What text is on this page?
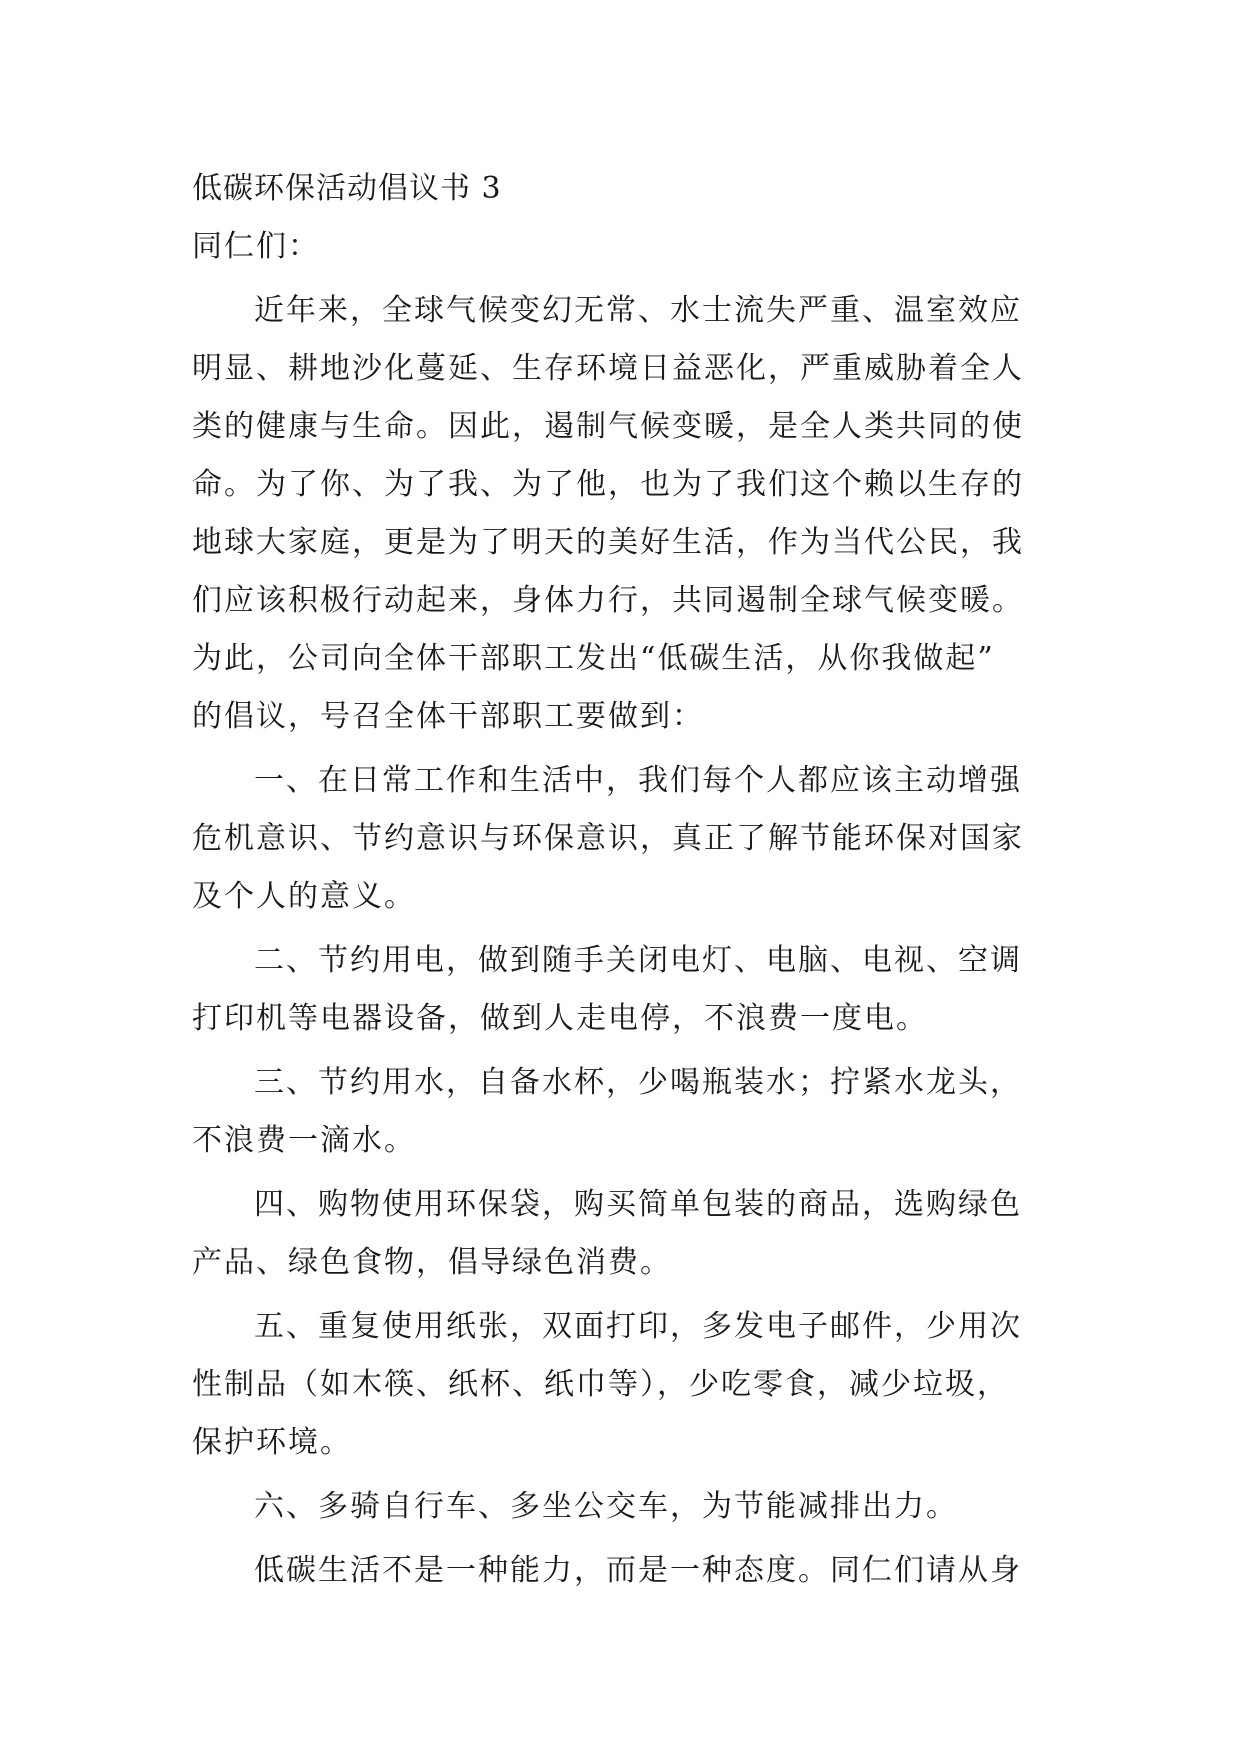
低碳环保活动倡议书 3
同仁们：
近年来，全球气候变幻无常、水士流失严重、温室效应
明显、耕地沙化蔓延、生存环境日益恶化，严重威胁着全人
类的健康与生命。因此，遏制气候变暖，是全人类共同的使
命。为了你、为了我、为了他，也为了我们这个赖以生存的
地球大家庭，更是为了明天的美好生活，作为当代公民，我
们应该积极行动起来，身体力行，共同遏制全球气候变暖。
为此，公司向全体干部职工发出“低碳生活，从你我做起”
的倡议，号召全体干部职工要做到：
一、在日常工作和生活中，我们每个人都应该主动增强
危机意识、节约意识与环保意识，真正了解节能环保对国家
及个人的意义。
二、节约用电，做到随手关闭电灯、电脑、电视、空调
打印机等电器设备，做到人走电停，不浪费一度电。
三、节约用水，自备水杯，少喝瓶装水；拧紧水龙头，
不浪费一滴水。
四、购物使用环保袋，购买简单包装的商品，选购绿色
产品、绿色食物，倡导绿色消费。
五、重复使用纸张，双面打印，多发电子邮件，少用次
性制品（如木筷、纸杯、纸巾等），少吃零食，减少垃圾，
保护环境。
六、多骑自行车、多坐公交车，为节能减排出力。
低碳生活不是一种能力，而是一种态度。同仁们请从身
